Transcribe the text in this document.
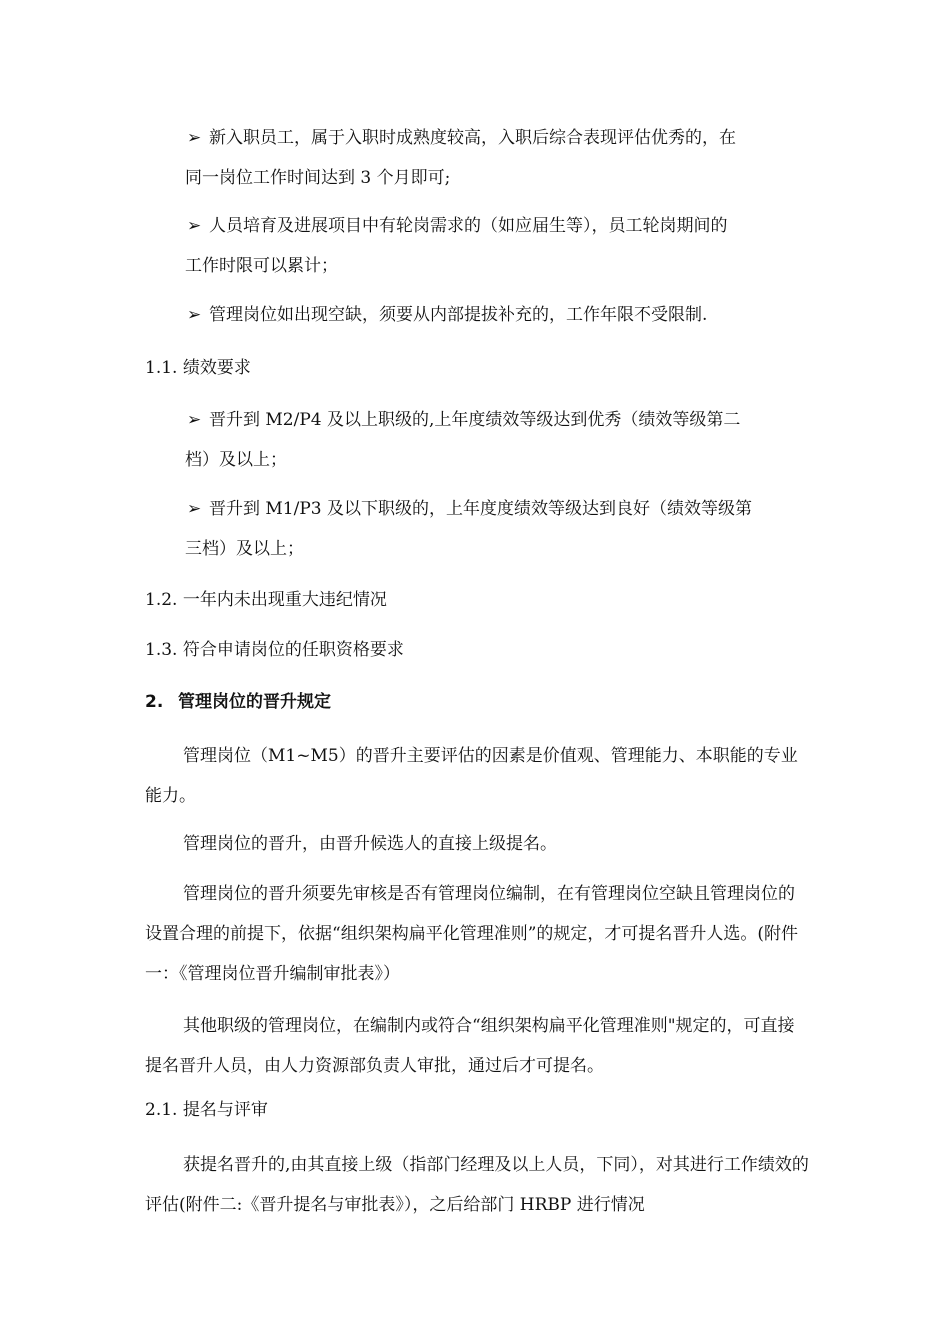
➢ 新入职员工，属于入职时成熟度较高，入职后综合表现评估优秀的，在
同一岗位工作时间达到 3 个月即可;

➢ 人员培育及进展项目中有轮岗需求的（如应届生等），员工轮岗期间的
工作时限可以累计；

➢ 管理岗位如出现空缺，须要从内部提拔补充的，工作年限不受限制.

1.1. 绩效要求

➢ 晋升到 M2/P4 及以上职级的,上年度绩效等级达到优秀（绩效等级第二
档）及以上；

➢ 晋升到 M1/P3 及以下职级的，上年度度绩效等级达到良好（绩效等级第
三档）及以上；

1.2. 一年内未出现重大违纪情况

1.3. 符合申请岗位的任职资格要求

2. 管理岗位的晋升规定

管理岗位（M1~M5）的晋升主要评估的因素是价值观、管理能力、本职能的专业能力。

管理岗位的晋升，由晋升候选人的直接上级提名。

管理岗位的晋升须要先审核是否有管理岗位编制，在有管理岗位空缺且管理岗位的设置合理的前提下，依据“组织架构扁平化管理准则”的规定，才可提名晋升人选。(附件一：《管理岗位晋升编制审批表》）

其他职级的管理岗位，在编制内或符合“组织架构扁平化管理准则"规定的，可直接提名晋升人员，由人力资源部负责人审批，通过后才可提名。

2.1. 提名与评审

获提名晋升的,由其直接上级（指部门经理及以上人员，下同），对其进行工作绩效的评估(附件二:《晋升提名与审批表》），之后给部门 HRBP 进行情况
